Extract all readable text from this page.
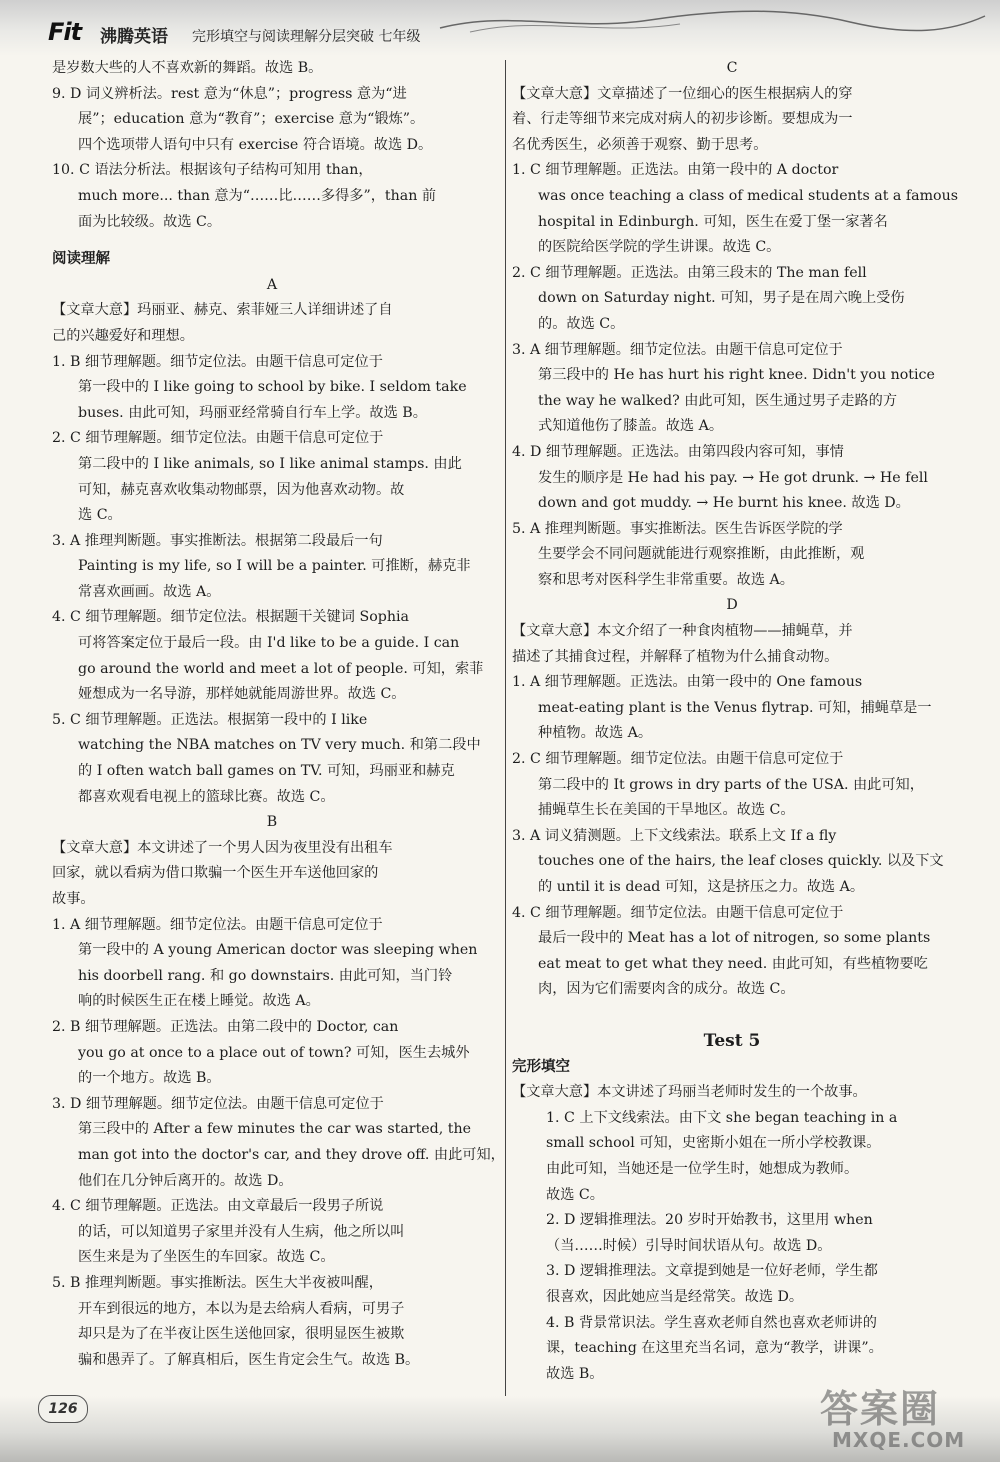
Fit 沸腾英语 完形填空与阅读理解分层突破 七年级
是岁数大些的人不喜欢新的舞蹈。故选 B。
9. D 词义辨析法。rest 意为“休息”；progress 意为“进
展”；education 意为“教育”；exercise 意为“锻炼”。
四个选项带人语句中只有 exercise 符合语境。故选 D。
10. C 语法分析法。根据该句子结构可知用 than，
much more... than 意为“……比……多得多”，than 前
面为比较级。故选 C。
阅读理解
A
【文章大意】玛丽亚、赫克、索菲娅三人详细讲述了自
己的兴趣爱好和理想。
1. B 细节理解题。细节定位法。由题干信息可定位于
第一段中的 I like going to school by bike. I seldom take
buses. 由此可知，玛丽亚经常骑自行车上学。故选 B。
2. C 细节理解题。细节定位法。由题干信息可定位于
第二段中的 I like animals, so I like animal stamps. 由此
可知，赫克喜欢收集动物邮票，因为他喜欢动物。故
选 C。
3. A 推理判断题。事实推断法。根据第二段最后一句
Painting is my life, so I will be a painter. 可推断，赫克非
常喜欢画画。故选 A。
4. C 细节理解题。细节定位法。根据题干关键词 Sophia
可将答案定位于最后一段。由 I'd like to be a guide. I can
go around the world and meet a lot of people. 可知，索菲
娅想成为一名导游，那样她就能周游世界。故选 C。
5. C 细节理解题。正选法。根据第一段中的 I like
watching the NBA matches on TV very much. 和第二段中
的 I often watch ball games on TV. 可知，玛丽亚和赫克
都喜欢观看电视上的篮球比赛。故选 C。
B
【文章大意】本文讲述了一个男人因为夜里没有出租车
回家，就以看病为借口欺骗一个医生开车送他回家的
故事。
1. A 细节理解题。细节定位法。由题干信息可定位于
第一段中的 A young American doctor was sleeping when
his doorbell rang. 和 go downstairs. 由此可知，当门铃
响的时候医生正在楼上睡觉。故选 A。
2. B 细节理解题。正选法。由第二段中的 Doctor, can
you go at once to a place out of town? 可知，医生去城外
的一个地方。故选 B。
3. D 细节理解题。细节定位法。由题干信息可定位于
第三段中的 After a few minutes the car was started, the
man got into the doctor's car, and they drove off. 由此可知，
他们在几分钟后离开的。故选 D。
4. C 细节理解题。正选法。由文章最后一段男子所说
的话，可以知道男子家里并没有人生病，他之所以叫
医生来是为了坐医生的车回家。故选 C。
5. B 推理判断题。事实推断法。医生大半夜被叫醒，
开车到很远的地方，本以为是去给病人看病，可男子
却只是为了在半夜让医生送他回家，很明显医生被欺
骗和愚弄了。了解真相后，医生肯定会生气。故选 B。
C
【文章大意】文章描述了一位细心的医生根据病人的穿
着、行走等细节来完成对病人的初步诊断。要想成为一
名优秀医生，必须善于观察、勤于思考。
1. C 细节理解题。正选法。由第一段中的 A doctor
was once teaching a class of medical students at a famous
hospital in Edinburgh. 可知，医生在爱丁堡一家著名
的医院给医学院的学生讲课。故选 C。
2. C 细节理解题。正选法。由第三段末的 The man fell
down on Saturday night. 可知，男子是在周六晚上受伤
的。故选 C。
3. A 细节理解题。细节定位法。由题干信息可定位于
第三段中的 He has hurt his right knee. Didn't you notice
the way he walked? 由此可知，医生通过男子走路的方
式知道他伤了膝盖。故选 A。
4. D 细节理解题。正选法。由第四段内容可知，事情
发生的顺序是 He had his pay. → He got drunk. → He fell
down and got muddy. → He burnt his knee. 故选 D。
5. A 推理判断题。事实推断法。医生告诉医学院的学
生要学会不同问题就能进行观察推断，由此推断，观
察和思考对医科学生非常重要。故选 A。
D
【文章大意】本文介绍了一种食肉植物——捕蝇草，并
描述了其捕食过程，并解释了植物为什么捕食动物。
1. A 细节理解题。正选法。由第一段中的 One famous
meat-eating plant is the Venus flytrap. 可知，捕蝇草是一
种植物。故选 A。
2. C 细节理解题。细节定位法。由题干信息可定位于
第二段中的 It grows in dry parts of the USA. 由此可知，
捕蝇草生长在美国的干旱地区。故选 C。
3. A 词义猜测题。上下文线索法。联系上文 If a fly
touches one of the hairs, the leaf closes quickly. 以及下文
的 until it is dead 可知，这是挤压之力。故选 A。
4. C 细节理解题。细节定位法。由题干信息可定位于
最后一段中的 Meat has a lot of nitrogen, so some plants
eat meat to get what they need. 由此可知，有些植物要吃
肉，因为它们需要肉含的成分。故选 C。
Test 5
完形填空
【文章大意】本文讲述了玛丽当老师时发生的一个故事。
1. C 上下文线索法。由下文 she began teaching in a
small school 可知，史密斯小姐在一所小学校教课。
由此可知，当她还是一位学生时，她想成为教师。
故选 C。
2. D 逻辑推理法。20 岁时开始教书，这里用 when
（当……时候）引导时间状语从句。故选 D。
3. D 逻辑推理法。文章提到她是一位好老师，学生都
很喜欢，因此她应当是经常笑。故选 D。
4. B 背景常识法。学生喜欢老师自然也喜欢老师讲的
课，teaching 在这里充当名词，意为“教学，讲课”。
故选 B。
126	答案圈
MXQE.COM
